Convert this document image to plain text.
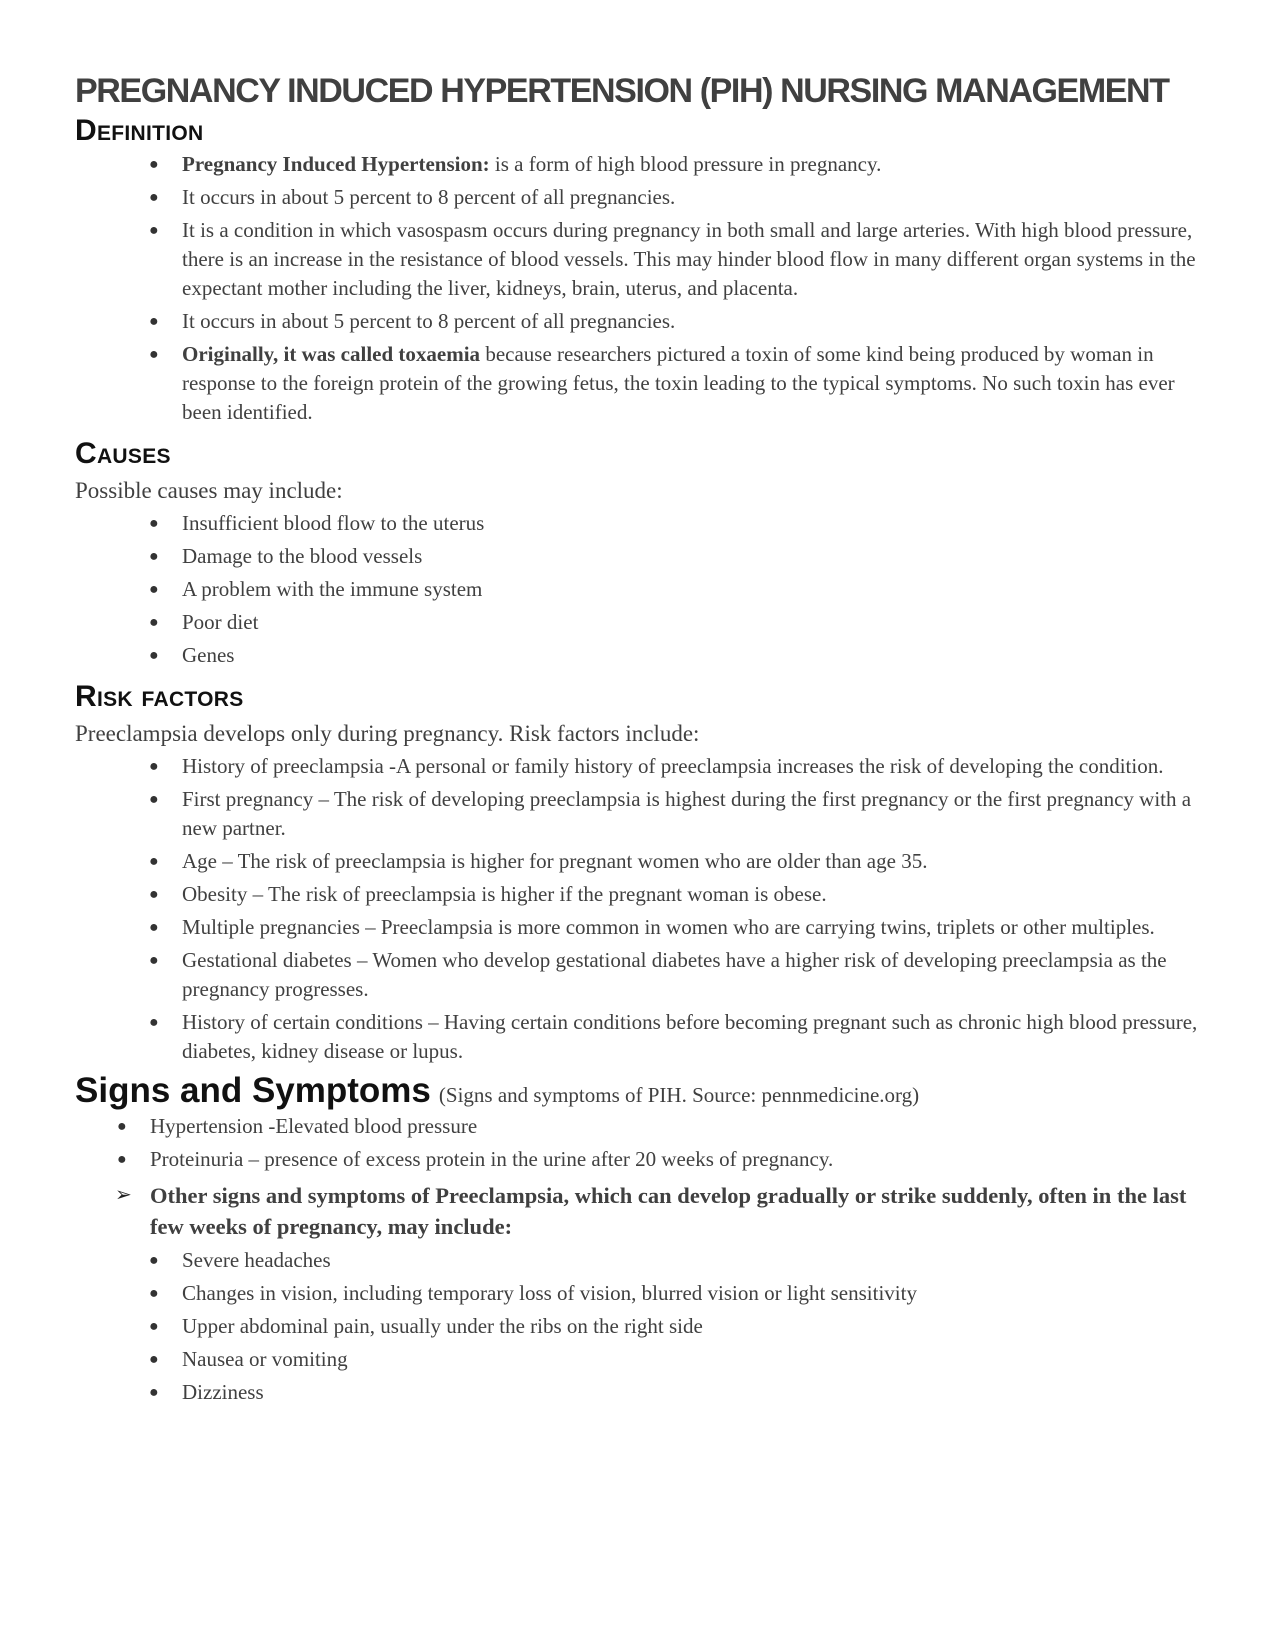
PREGNANCY INDUCED HYPERTENSION (PIH) NURSING MANAGEMENT
Definition
● Pregnancy Induced Hypertension: is a form of high blood pressure in pregnancy.
● It occurs in about 5 percent to 8 percent of all pregnancies.
● It is a condition in which vasospasm occurs during pregnancy in both small and large arteries. With high blood pressure, there is an increase in the resistance of blood vessels. This may hinder blood flow in many different organ systems in the expectant mother including the liver, kidneys, brain, uterus, and placenta.
● It occurs in about 5 percent to 8 percent of all pregnancies.
● Originally, it was called toxaemia because researchers pictured a toxin of some kind being produced by woman in response to the foreign protein of the growing fetus, the toxin leading to the typical symptoms. No such toxin has ever been identified.
Causes

Possible causes may include:

● Insufficient blood flow to the uterus
● Damage to the blood vessels
● A problem with the immune system
● Poor diet
● Genes
Risk factors

Preeclampsia develops only during pregnancy. Risk factors include:

● History of preeclampsia -A personal or family history of preeclampsia increases the risk of developing the condition.
● First pregnancy – The risk of developing preeclampsia is highest during the first pregnancy or the first pregnancy with a new partner.
● Age – The risk of preeclampsia is higher for pregnant women who are older than age 35.
● Obesity – The risk of preeclampsia is higher if the pregnant woman is obese.
● Multiple pregnancies – Preeclampsia is more common in women who are carrying twins, triplets or other multiples.
● Gestational diabetes – Women who develop gestational diabetes have a higher risk of developing preeclampsia as the pregnancy progresses.
● History of certain conditions – Having certain conditions before becoming pregnant such as chronic high blood pressure, diabetes, kidney disease or lupus.
Signs and Symptoms (Signs and symptoms of PIH. Source: pennmedicine.org)
● Hypertension -Elevated blood pressure
● Proteinuria – presence of excess protein in the urine after 20 weeks of pregnancy.
➢ Other signs and symptoms of Preeclampsia, which can develop gradually or strike suddenly, often in the last few weeks of pregnancy, may include:
● Severe headaches
● Changes in vision, including temporary loss of vision, blurred vision or light sensitivity
● Upper abdominal pain, usually under the ribs on the right side
● Nausea or vomiting
● Dizziness
